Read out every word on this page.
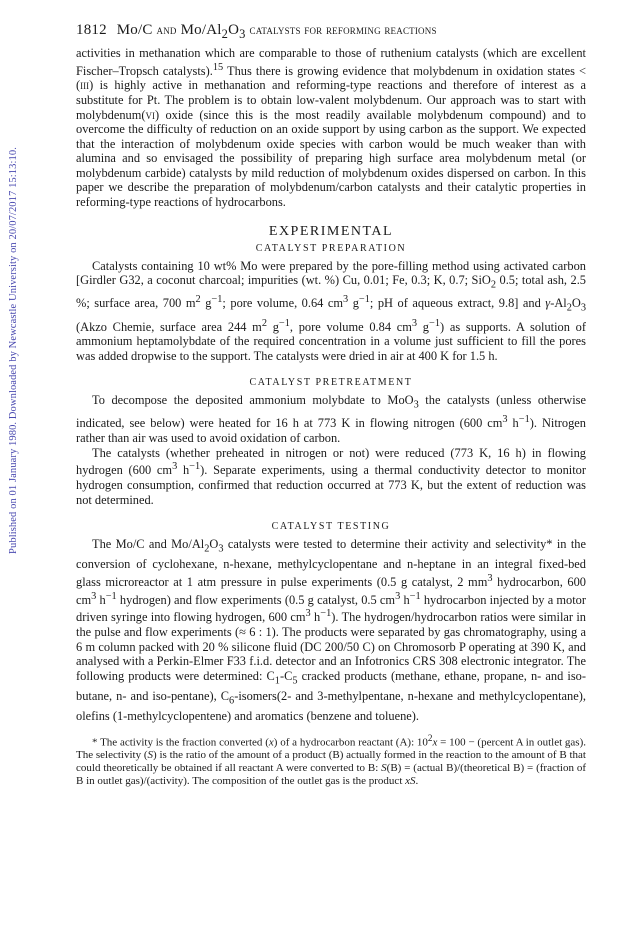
Published on 01 January 1980. Downloaded by Newcastle University on 20/07/2017 15:13:10.
1812 Mo/C and $Mo/Al_2O_3$ catalysts for reforming reactions

activities in methanation which are comparable to those of ruthenium catalysts (which are excellent Fischer–Tropsch catalysts).$^{15}$ Thus there is growing evidence that molybdenum in oxidation states < (iii) is highly active in methanation and reforming-type reactions and therefore of interest as a substitute for Pt. The problem is to obtain low-valent molybdenum. Our approach was to start with molybdenum(vi) oxide (since this is the most readily available molybdenum compound) and to overcome the difficulty of reduction on an oxide support by using carbon as the support. We expected that the interaction of molybdenum oxide species with carbon would be much weaker than with alumina and so envisaged the possibility of preparing high surface area molybdenum metal (or molybdenum carbide) catalysts by mild reduction of molybdenum oxides dispersed on carbon. In this paper we describe the preparation of molybdenum/carbon catalysts and their catalytic properties in reforming-type reactions of hydrocarbons.

EXPERIMENTAL
CATALYST PREPARATION

Catalysts containing 10 wt% Mo were prepared by the pore-filling method using activated carbon [Girdler G32, a coconut charcoal; impurities (wt. %) Cu, 0.01; Fe, 0.3; K, 0.7; SiO$_2$ 0.5; total ash, 2.5 %; surface area, 700 $m^2$ $g^{-1}$; pore volume, 0.64 $cm^3$ $g^{-1}$; pH of aqueous extract, 9.8] and $\gamma-Al_2O_3$ (Akzo Chemie, surface area 244 $m^2$ $g^{-1}$, pore volume 0.84 $cm^3$ $g^{-1}$) as supports. A solution of ammonium heptamolybdate of the required concentration in a volume just sufficient to fill the pores was added dropwise to the support. The catalysts were dried in air at 400 K for 1.5 h.

CATALYST PRETREATMENT

To decompose the deposited ammonium molybdate to MoO$_3$ the catalysts (unless otherwise indicated, see below) were heated for 16 h at 773 K in flowing nitrogen (600 $cm^3$ $h^{-1}$). Nitrogen rather than air was used to avoid oxidation of carbon.

The catalysts (whether preheated in nitrogen or not) were reduced (773 K, 16 h) in flowing hydrogen (600 $cm^3$ $h^{-1}$). Separate experiments, using a thermal conductivity detector to monitor hydrogen consumption, confirmed that reduction occurred at 773 K, but the extent of reduction was not determined.

CATALYST TESTING

The Mo/C and $Mo/Al_2O_3$ catalysts were tested to determine their activity and selectivity* in the conversion of cyclohexane, n-hexane, methylcyclopentane and n-heptane in an integral fixed-bed glass microreactor at 1 atm pressure in pulse experiments (0.5 g catalyst, 2 $mm^3$ hydrocarbon, 600 $cm^3$ $h^{-1}$ hydrogen) and flow experiments (0.5 g catalyst, 0.5 $cm^3$ $h^{-1}$ hydrocarbon injected by a motor driven syringe into flowing hydrogen, 600 $cm^3$ $h^{-1}$). The hydrogen/hydrocarbon ratios were similar in the pulse and flow experiments (≈ 6 : 1). The products were separated by gas chromatography, using a 6 m column packed with 20 % silicone fluid (DC 200/50 C) on Chromosorb P operating at 390 K, and analysed with a Perkin-Elmer F33 f.i.d. detector and an Infotronics CRS 308 electronic integrator. The following products were determined: $C_1-C_5$ cracked products (methane, ethane, propane, n- and iso-butane, n- and iso-pentane), $C_6-isomers(2-$ and 3-methylpentane, n-hexane and methylcyclopentane), olefins (1-methylcyclopentene) and aromatics (benzene and toluene).

* The activity is the fraction converted (x) of a hydrocarbon reactant (A): $10^2x = 100$ − (percent A in outlet gas). The selectivity (S) is the ratio of the amount of a product (B) actually formed in the reaction to the amount of B that could theoretically be obtained if all reactant A were converted to B: S(B) = (actual B)/(theoretical B) = (fraction of B in outlet gas)/(activity). The composition of the outlet gas is the product xS.
